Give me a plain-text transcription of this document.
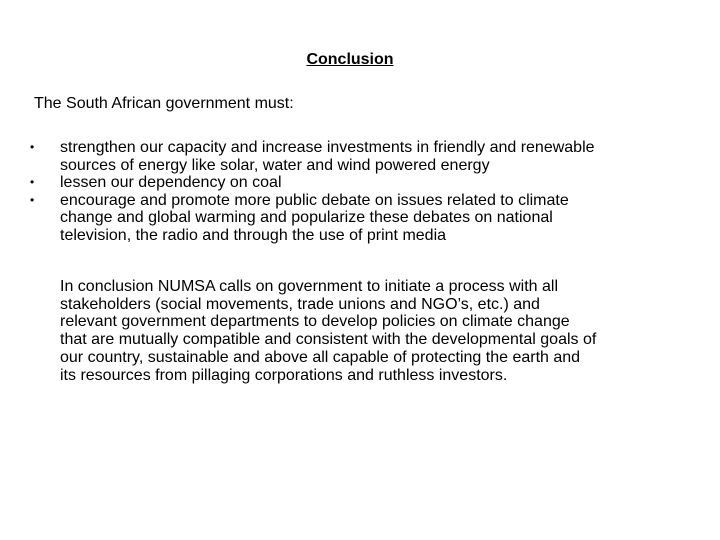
Conclusion
The South African government must:
•	strengthen our capacity and increase investments in friendly and renewable
sources of energy like solar, water and wind powered energy
•	lessen our dependency on coal
•	encourage and promote more public debate on issues related to climate
change and global warming and popularize these debates on national
television, the radio and through the use of print media

In conclusion NUMSA calls on government to initiate a process with all
stakeholders (social movements, trade unions and NGO’s, etc.) and
relevant government departments to develop policies on climate change
that are mutually compatible and consistent with the developmental goals of
our country, sustainable and above all capable of protecting the earth and
its resources from pillaging corporations and ruthless investors.
